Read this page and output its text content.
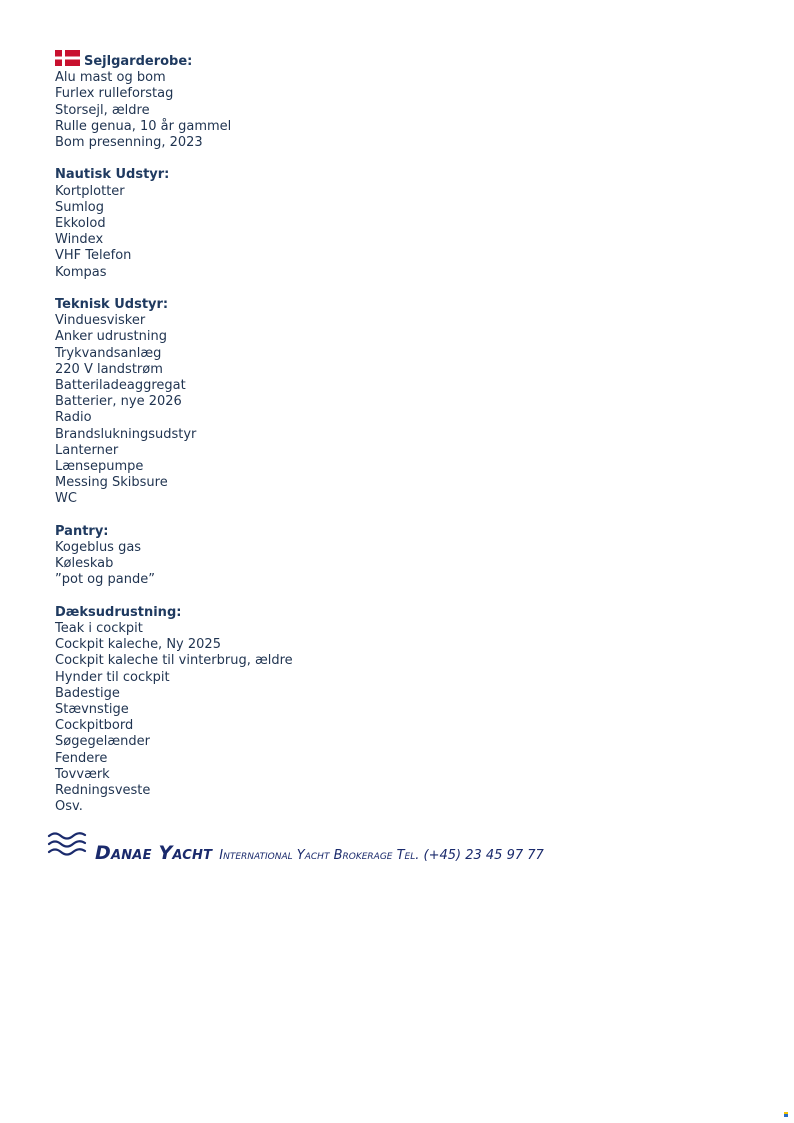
Sejlgarderobe:
Alu mast og bom
Furlex rulleforstag
Storsejl, ældre
Rulle genua, 10 år gammel
Bom presenning, 2023
Nautisk Udstyr:
Kortplotter
Sumlog
Ekkolod
Windex
VHF Telefon
Kompas
Teknisk Udstyr:
Vinduesvisker
Anker udrustning
Trykvandsanlæg
220 V landstrøm
Batteriladeaggregat
Batterier, nye 2026
Radio
Brandslukningsudstyr
Lanterner
Lænsepumpe
Messing Skibsure
WC
Pantry:
Kogeblus gas
Køleskab
”pot og pande”
Dæksudrustning:
Teak i cockpit
Cockpit kaleche, Ny 2025
Cockpit kaleche til vinterbrug, ældre
Hynder til cockpit
Badestige
Stævnstige
Cockpitbord
Søgegelænder
Fendere
Tovværk
Redningsveste
Osv.
Danae Yacht International Yacht Brokerage Tel. (+45) 23 45 97 77
